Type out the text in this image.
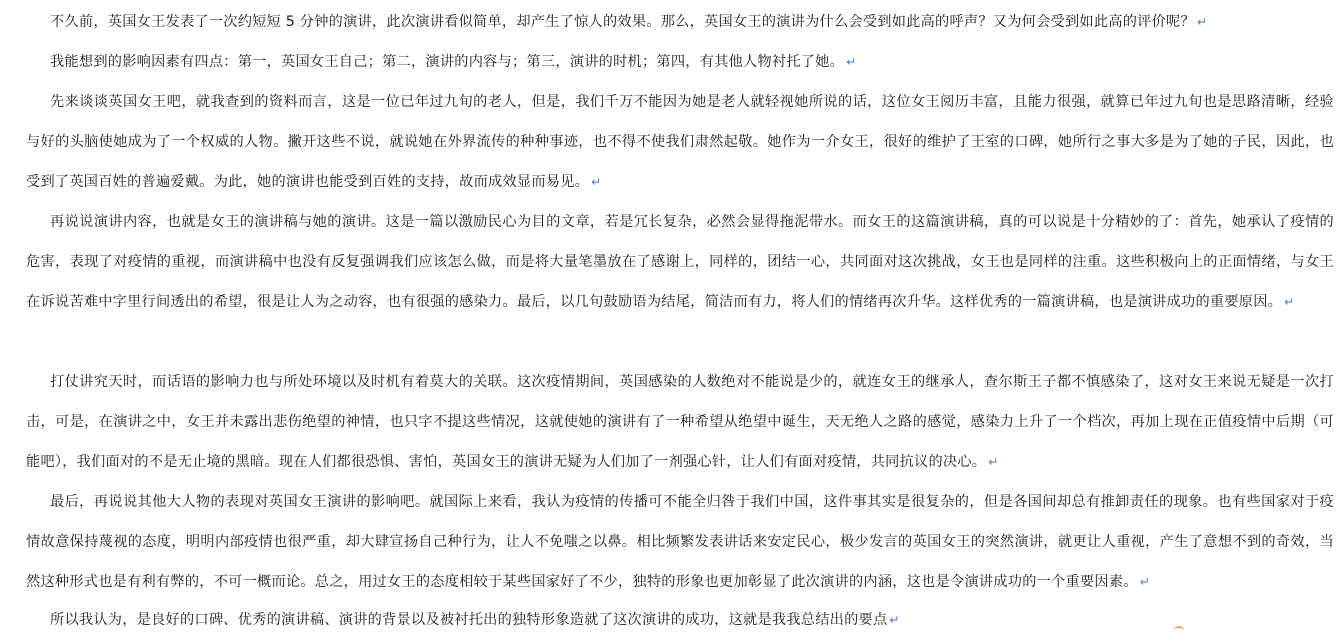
不久前，英国女王发表了一次约短短 5 分钟的演讲，此次演讲看似简单，却产生了惊人的效果。那么，英国女王的演讲为什么会受到如此高的呼声？又为何会受到如此高的评价呢？ ↵

我能想到的影响因素有四点：第一，英国女王自己；第二，演讲的内容与；第三，演讲的时机；第四，有其他人物衬托了她。 ↵

先来谈谈英国女王吧，就我查到的资料而言，这是一位已年过九旬的老人，但是，我们千万不能因为她是老人就轻视她所说的话，这位女王阅历丰富，且能力很强，就算已年过九旬也是思路清晰，经验与好的头脑使她成为了一个权威的人物。撇开这些不说，就说她在外界流传的种种事迹，也不得不使我们肃然起敬。她作为一介女王，很好的维护了王室的口碑，她所行之事大多是为了她的子民，因此，也受到了英国百姓的普遍爱戴。为此，她的演讲也能受到百姓的支持，故而成效显而易见。 ↵

再说说演讲内容，也就是女王的演讲稿与她的演讲。这是一篇以激励民心为目的文章，若是冗长复杂，必然会显得拖泥带水。而女王的这篇演讲稿，真的可以说是十分精妙的了：首先，她承认了疫情的危害，表现了对疫情的重视，而演讲稿中也没有反复强调我们应该怎么做，而是将大量笔墨放在了感谢上，同样的，团结一心，共同面对这次挑战，女王也是同样的注重。这些积极向上的正面情绪，与女王在诉说苦难中字里行间透出的希望，很是让人为之动容，也有很强的感染力。最后，以几句鼓励语为结尾，简洁而有力，将人们的情绪再次升华。这样优秀的一篇演讲稿，也是演讲成功的重要原因。 ↵

打仗讲究天时，而话语的影响力也与所处环境以及时机有着莫大的关联。这次疫情期间，英国感染的人数绝对不能说是少的，就连女王的继承人，查尔斯王子都不慎感染了，这对女王来说无疑是一次打击，可是，在演讲之中，女王并未露出悲伤绝望的神情，也只字不提这些情况，这就使她的演讲有了一种希望从绝望中诞生，天无绝人之路的感觉，感染力上升了一个档次，再加上现在正值疫情中后期（可能吧），我们面对的不是无止境的黑暗。现在人们都很恐惧、害怕，英国女王的演讲无疑为人们加了一剂强心针，让人们有面对疫情，共同抗议的决心。 ↵

最后，再说说其他大人物的表现对英国女王演讲的影响吧。就国际上来看，我认为疫情的传播可不能全归咎于我们中国，这件事其实是很复杂的，但是各国间却总有推卸责任的现象。也有些国家对于疫情故意保持蔑视的态度，明明内部疫情也很严重，却大肆宣扬自己种行为，让人不免嗤之以鼻。相比频繁发表讲话来安定民心，极少发言的英国女王的突然演讲，就更让人重视，产生了意想不到的奇效，当然这种形式也是有利有弊的，不可一概而论。总之，用过女王的态度相较于某些国家好了不少，独特的形象也更加彰显了此次演讲的内涵，这也是令演讲成功的一个重要因素。 ↵

所以我认为，是良好的口碑、优秀的演讲稿、演讲的背景以及被衬托出的独特形象造就了这次演讲的成功，这就是我我总结出的要点 ↵
